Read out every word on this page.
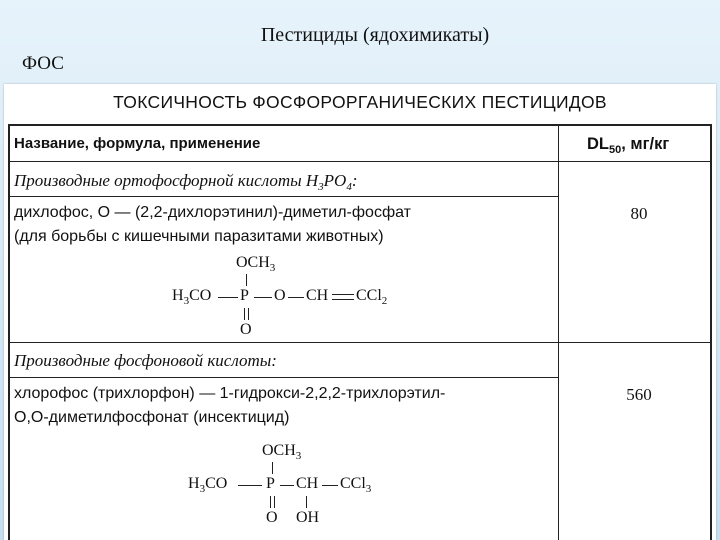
Пестициды (ядохимикаты)
ФОС
ТОКСИЧНОСТЬ ФОСФОРОРГАНИЧЕСКИХ ПЕСТИЦИДОВ
Название, формула, применение	$DL_{50}$, мг/кг
Производные ортофосфорной кислоты $H_3PO_4$:
дихлофос, О — (2,2-дихлорэтинил)-диметил-фосфат
(для борьбы с кишечными паразитами животных)
80
$OCH_3$
$H_3CO$ P O CH CCl$_2$
O
Производные фосфоновой кислоты:
хлорофос (трихлорфон) — 1-гидрокси-2,2,2-трихлорэтил-
О,О-диметилфосфонат (инсектицид)
560
$OCH_3$
$H_3CO$ P CH CCl$_3$
O OH
